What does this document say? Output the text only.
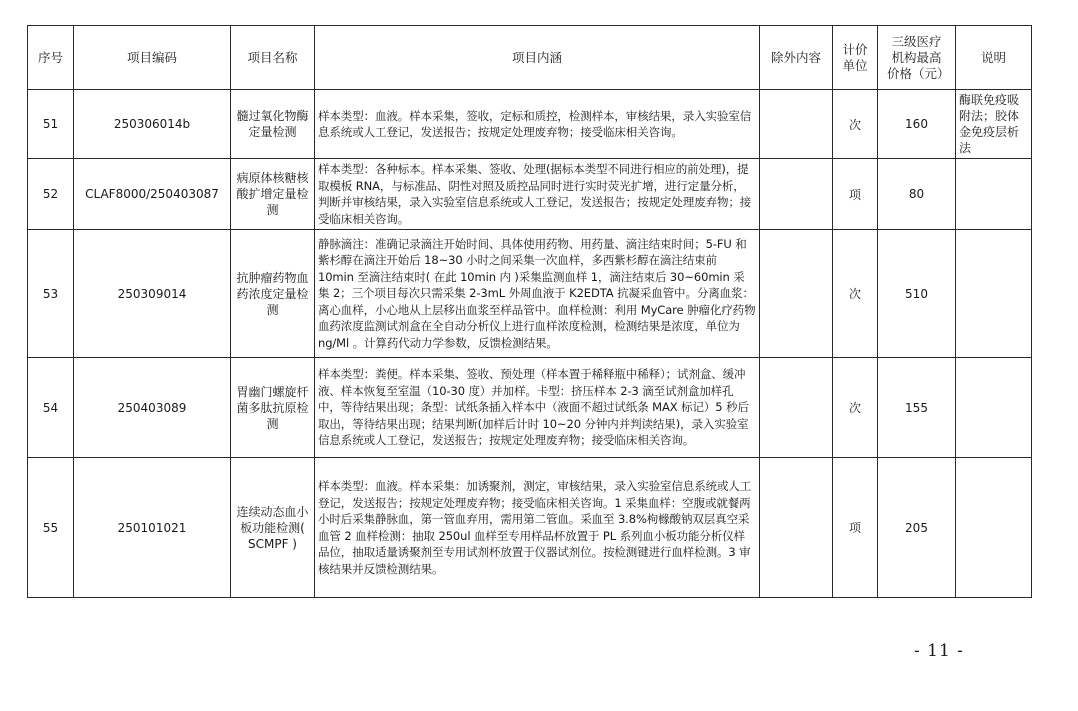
序号	项目编码	项目名称	项目内涵	除外内容	计价单位	三级医疗机构最高价格（元）	说明
51	250306014b	髓过氧化物酶定量检测	样本类型：血液。样本采集，签收，定标和质控，检测样本，审核结果，录入实验室信息系统或人工登记，发送报告；按规定处理废弃物；接受临床相关咨询。		次	160	酶联免疫吸附法；胶体金免疫层析法
52	CLAF8000/250403087	病原体核糖核酸扩增定量检测	样本类型：各种标本。样本采集、签收、处理(据标本类型不同进行相应的前处理)，提取模板 RNA，与标准品、阴性对照及质控品同时进行实时荧光扩增，进行定量分析，判断并审核结果，录入实验室信息系统或人工登记，发送报告；按规定处理废弃物；接受临床相关咨询。		项	80	
53	250309014	抗肿瘤药物血药浓度定量检测	静脉滴注：准确记录滴注开始时间、具体使用药物、用药量、滴注结束时间；5-FU 和紫杉醇在滴注开始后 18~30 小时之间采集一次血样，多西紫杉醇在滴注结束前 10min 至滴注结束时( 在此 10min 内 )采集监测血样 1，滴注结束后 30~60min 采集 2；三个项目每次只需采集 2-3mL 外周血液于 K2EDTA 抗凝采血管中。分离血浆：离心血样，小心地从上层移出血浆至样品管中。血样检测：利用 MyCare 肿瘤化疗药物血药浓度监测试剂盒在全自动分析仪上进行血样浓度检测，检测结果是浓度，单位为 ng/Ml 。计算药代动力学参数，反馈检测结果。		次	510	
54	250403089	胃幽门螺旋杆菌多肽抗原检测	样本类型：粪便。样本采集、签收、预处理（样本置于稀释瓶中稀释）；试剂盒、缓冲液、样本恢复至室温（10-30 度）并加样。卡型：挤压样本 2-3 滴至试剂盒加样孔中，等待结果出现；条型：试纸条插入样本中（液面不超过试纸条 MAX 标记）5 秒后取出，等待结果出现；结果判断(加样后计时 10~20 分钟内并判读结果)，录入实验室信息系统或人工登记，发送报告；按规定处理废弃物；接受临床相关咨询。		次	155	
55	250101021	连续动态血小板功能检测( SCMPF )	样本类型：血液。样本采集：加诱聚剂，测定，审核结果，录入实验室信息系统或人工登记，发送报告；按规定处理废弃物；接受临床相关咨询。1 采集血样：空腹或就餐两小时后采集静脉血，第一管血弃用，需用第二管血。采血至 3.8%枸橼酸钠双层真空采血管 2 血样检测：抽取 250ul 血样至专用样品杯放置于 PL 系列血小板功能分析仪样品位，抽取适量诱聚剂至专用试剂杯放置于仪器试剂位。按检测键进行血样检测。3 审核结果并反馈检测结果。		项	205	
- 11 -
